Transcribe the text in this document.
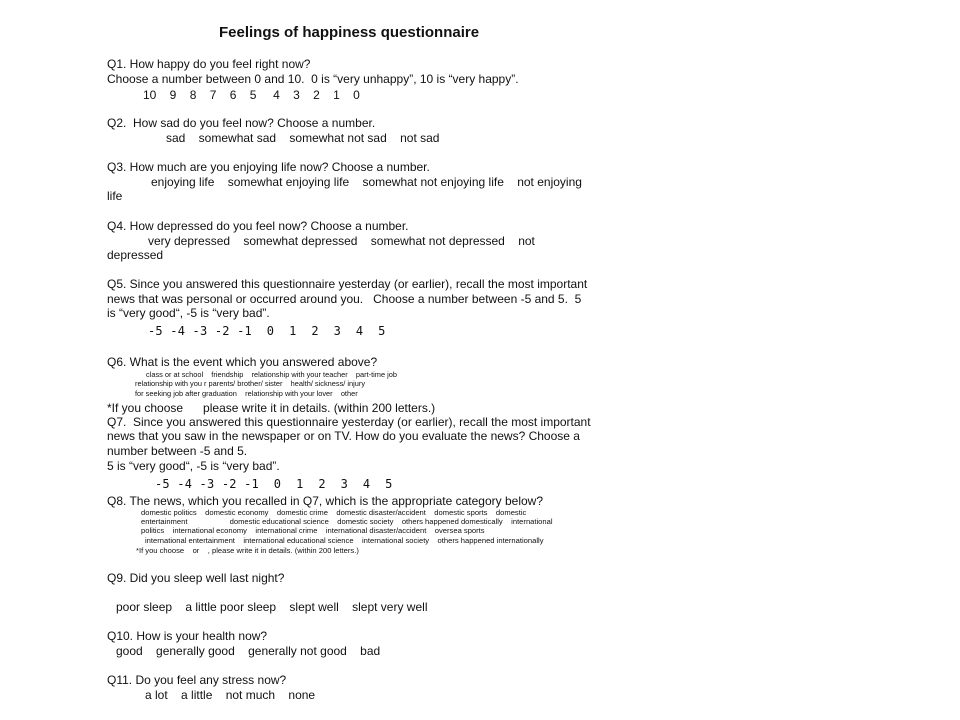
Feelings of happiness questionnaire
Q1. How happy do you feel right now?
Choose a number between 0 and 10.  0 is “very unhappy”, 10 is “very happy”.
10    9    8    7    6    5     4    3    2    1    0
Q2.  How sad do you feel now? Choose a number.
sad    somewhat sad    somewhat not sad    not sad
Q3. How much are you enjoying life now? Choose a number.
enjoying life    somewhat enjoying life    somewhat not enjoying life    not enjoying
life
Q4. How depressed do you feel now? Choose a number.
very depressed    somewhat depressed    somewhat not depressed    not
depressed
Q5. Since you answered this questionnaire yesterday (or earlier), recall the most important
news that was personal or occurred around you.   Choose a number between -5 and 5.  5
is “very good“, -5 is “very bad”.
-5 -4 -3 -2 -1  0  1  2  3  4  5
Q6. What is the event which you answered above?
class or at school    friendship    relationship with your teacher    part-time job
relationship with you r parents/ brother/ sister    health/ sickness/ injury
for seeking job after graduation    relationship with your lover    other
*If you choose      please write it in details. (within 200 letters.)
Q7.  Since you answered this questionnaire yesterday (or earlier), recall the most important
news that you saw in the newspaper or on TV. How do you evaluate the news? Choose a
number between -5 and 5.
5 is “very good“, -5 is “very bad”.
-5 -4 -3 -2 -1  0  1  2  3  4  5
Q8. The news, which you recalled in Q7, which is the appropriate category below?
domestic politics    domestic economy    domestic crime    domestic disaster/accident    domestic sports    domestic
entertainment                    domestic educational science    domestic society    others happened domestically    international
politics    international economy    international crime    international disaster/accident    oversea sports
international entertainment    international educational science    international society    others happened internationally
*If you choose    or    , please write it in details. (within 200 letters.)
Q9. Did you sleep well last night?
poor sleep    a little poor sleep    slept well    slept very well
Q10. How is your health now?
good    generally good    generally not good    bad
Q11. Do you feel any stress now?
a lot    a little    not much    none
